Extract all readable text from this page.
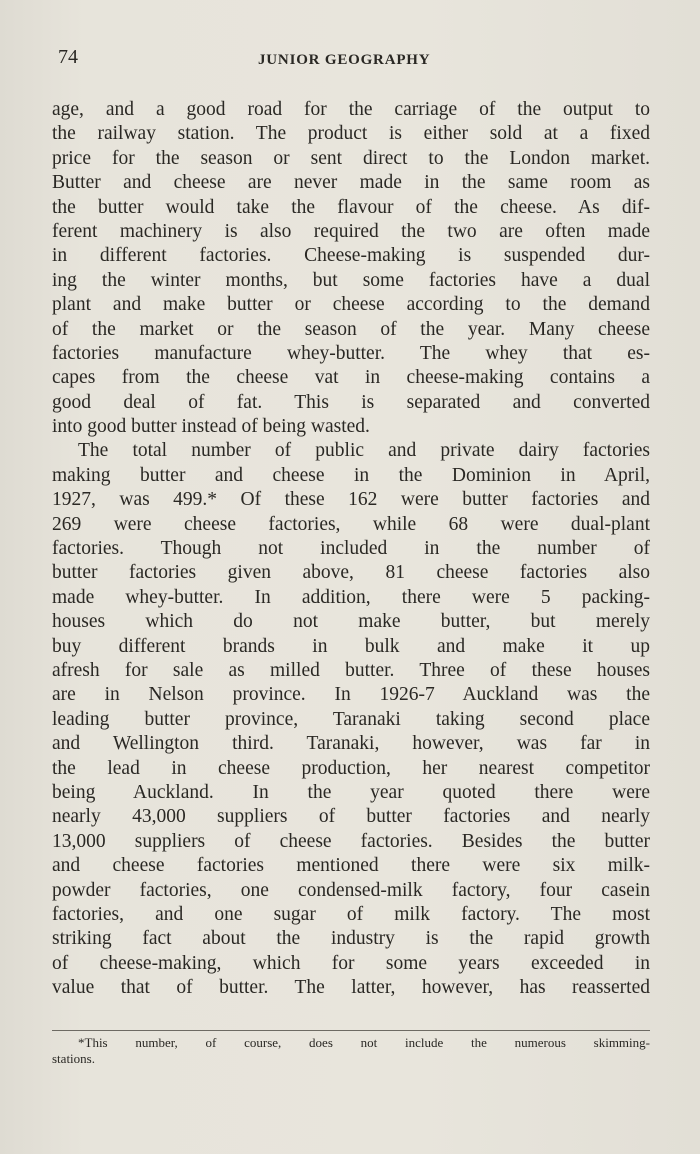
74	JUNIOR GEOGRAPHY
age, and a good road for the carriage of the output to
the railway station. The product is either sold at a fixed
price for the season or sent direct to the London market.
Butter and cheese are never made in the same room as
the butter would take the flavour of the cheese. As dif-
ferent machinery is also required the two are often made
in different factories. Cheese-making is suspended dur-
ing the winter months, but some factories have a dual
plant and make butter or cheese according to the demand
of the market or the season of the year. Many cheese
factories manufacture whey-butter. The whey that es-
capes from the cheese vat in cheese-making contains a
good deal of fat. This is separated and converted
into good butter instead of being wasted.
The total number of public and private dairy factories
making butter and cheese in the Dominion in April,
1927, was 499.* Of these 162 were butter factories and
269 were cheese factories, while 68 were dual-plant
factories. Though not included in the number of
butter factories given above, 81 cheese factories also
made whey-butter. In addition, there were 5 packing-
houses which do not make butter, but merely
buy different brands in bulk and make it up
afresh for sale as milled butter. Three of these houses
are in Nelson province. In 1926-7 Auckland was the
leading butter province, Taranaki taking second place
and Wellington third. Taranaki, however, was far in
the lead in cheese production, her nearest competitor
being Auckland. In the year quoted there were
nearly 43,000 suppliers of butter factories and nearly
13,000 suppliers of cheese factories. Besides the butter
and cheese factories mentioned there were six milk-
powder factories, one condensed-milk factory, four casein
factories, and one sugar of milk factory. The most
striking fact about the industry is the rapid growth
of cheese-making, which for some years exceeded in
value that of butter. The latter, however, has reasserted
*This number, of course, does not include the numerous skimming-
stations.
